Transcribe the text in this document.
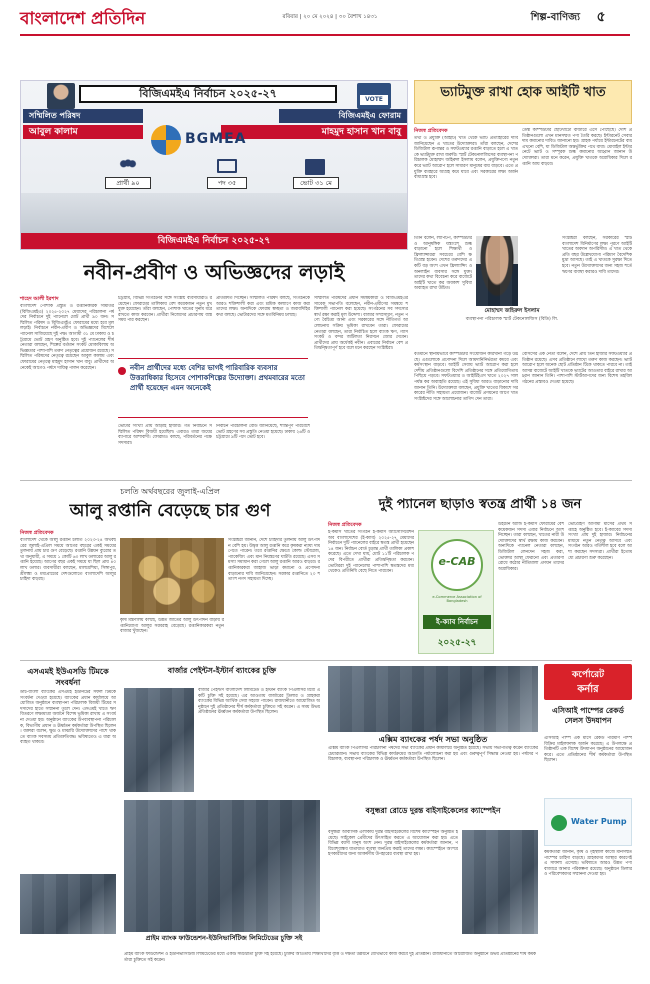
বাংলাদেশ প্রতিদিন	রবিবার | ২০ মে ২০২৪ | ৩০ বৈশাখ ১৪৩১	শিল্প-বাণিজ্য	৫
বিজিএমইএ নির্বাচন ২০২৫-২৭	VOTE
সম্মিলিত পরিষদ
আবুল কালাম
বিজিএমইএ ফোরাম
মাহমুদ হাসান খান বাবু
BGMEA
প্রার্থী ৯০	পদ ৩৫	ভোট ৩১ মে
বিজিএমইএ নির্বাচন ২০২৫-২৭
নবীন-প্রবীণ ও অভিজ্ঞদের লড়াই
শাহেদ আলী ইরশাদ
বাংলাদেশ পোশাক প্রস্তুত ও রপ্তানিকারক সমিতির (বিজিএমইএ) ২০২৫-২০২৭ মেয়াদের পরিচালনা পর্ষদের নির্বাচনে দুই প্যানেলে মোট প্রার্থী ৯০ জন। সম্মিলিত পরিষদ ও বিজিএমইএ ফোরামের মধ্যে হবে মূল লড়াই। নির্বাচনে নবীন-প্রবীণ ও অভিজ্ঞদের মিশেলে প্যানেল সাজিয়েছে দুই পক্ষ। আগামী ৩১ মে ঢাকায় ও চট্টগ্রামে ভোট গ্রহণ অনুষ্ঠিত হবে। দুই প্যানেলের শীর্ষ নেতারা বলছেন, শিল্পের বর্তমান সংকট মোকাবিলায় অভিজ্ঞতার পাশাপাশি তরুণ নেতৃত্বের প্রয়োজন রয়েছে। সম্মিলিত পরিষদের নেতৃত্বে রয়েছেন আবুল কালাম এবং ফোরামের নেতৃত্বে মাহমুদ হাসান খান বাবু। প্রার্থীদের অনেকেই আগেও পর্ষদে দায়িত্ব পালন করেছেন।
চট্টগ্রাম, বিভিন্ন সংগঠনের সঙ্গে সংশ্লিষ্ট ব্যবসায়ীরাও রয়েছেন। ফোরামের তালিকায় বেশ কয়েকজন নতুন মুখ যুক্ত হয়েছেন। তাঁরা বলছেন, পোশাক খাতের সুনাম ধরে রাখতে কাজ করবেন। প্রার্থীরা নিজেদের প্রচারণায় ব্যস্ত সময় পার করছেন।
প্রতিশ্রুতি দিচ্ছেন। সম্মিলিত পরিষদ বলছে, সংগঠনকে আরও শক্তিশালী করা এবং শ্রমিক কল্যাণে কাজ করা তাদের লক্ষ্য। অন্যদিকে ফোরাম স্বচ্ছতা ও জবাবদিহির কথা বলছে। ভোটারদের সঙ্গে মতবিনিময় চলছে।
সম্মিলিত পরিষদের প্রধান সমন্বয়কারী ও বিজিএমইএর সাবেক সভাপতি বলেছেন, নবীন-প্রবীণের সমন্বয়ে শক্তিশালী প্যানেল করা হয়েছে। সংগঠনের সব সদস্যের স্বার্থ রক্ষা করাই মূল উদ্দেশ্য। বাজার সম্প্রসারণ, নতুন পণ্যে বৈচিত্র্য আনা এবং সরকারের সঙ্গে নীতিগত আলোচনায় সক্রিয় ভূমিকা রাখবেন তারা। ফোরামের নেতারা বলছেন, তারা নির্বাচিত হলে ব্যাংক ঋণ, গ্যাস সংকট ও বন্দর জটিলতা নিরসনে জোর দেবেন। প্রার্থীদের প্রায় অর্ধেকই নবীন। এবারের নির্বাচন বেশ প্রতিদ্বন্দ্বিতাপূর্ণ হবে বলে মনে করছেন সংশ্লিষ্টরা।
নবীন প্রার্থীদের মধ্যে বেশির ভাগই পারিবারিক ব্যবসার উত্তরাধিকার হিসেবে পোশাকশিল্পের উদ্যোক্তা। প্রথমবারের মতো প্রার্থী হয়েছেন এমন অনেকেই
ভোটার সংখ্যা প্রায় আড়াই হাজার। গত নির্বাচনে সম্মিলিত পরিষদ বিজয়ী হয়েছিল। এবারও তারা জয়ের ব্যাপারে আশাবাদী। ফোরামও বলছে, পরিবর্তনের পক্ষে সদস্যরা।
নির্বাচন পরিচালনা বোর্ড জানিয়েছে, শান্তিপূর্ণ পরিবেশে ভোট গ্রহণের সব প্রস্তুতি নেওয়া হয়েছে। ঢাকায় ২৬টি ও চট্টগ্রামে ৯টি পদে ভোট হবে।
ভ্যাটমুক্ত রাখা হোক আইটি খাত
নিজস্ব প্রতিবেদক
তথ্য ও প্রযুক্তি (আইটি) খাত থেকে ভ্যাট প্রত্যাহারের দাবি জানিয়েছেন এ খাতের উদ্যোক্তারা। তাঁরা বলছেন, দেশের ডিজিটাল রূপান্তর ও সফটওয়্যার রপ্তানি বাড়াতে হলে এ খাতকে ভ্যাটমুক্ত রাখা জরুরি। স্মার্ট টেকনোলজিসের ব্যবস্থাপনা পরিচালক মোহাম্মদ জহিরুল ইসলাম বলেন, প্রযুক্তিপণ্যে নতুন করে ভ্যাট আরোপ হলে সাধারণ মানুষের ব্যয় বাড়বে। এতে প্রযুক্তি ব্যবহারে আগ্রহ কমে যাবে এবং সরকারের লক্ষ্য অর্জন বাধাগ্রস্ত হবে।
তিনি বলেন, ল্যাপটপ, কম্পিউটার ও আনুষঙ্গিক যন্ত্রাংশে শুল্ক বাড়ানো হলে শিক্ষার্থী ও ফ্রিল্যান্সাররা সবচেয়ে বেশি ক্ষতিগ্রস্ত হবেন। দেশের তরুণদের একটি বড় অংশ এখন ফ্রিল্যান্সিং ও অনলাইন ব্যবসার সঙ্গে যুক্ত। তাদের কথা বিবেচনা করে বাজেটে আইটি খাতে কর অবকাশ সুবিধা অব্যাহত রাখা উচিত।
মোহাম্মদ জহিরুল ইসলাম
ব্যবস্থাপনা পরিচালক স্মার্ট টেকনোলজিস (বিডি) লি.
বর্তমানে স্থানীয়ভাবে কম্পিউটার সংযোজন কারখানা গড়ে উঠছে। এগুলোকে প্রণোদনা দিলে আমদানিনির্ভরতা কমবে এবং কর্মসংস্থান বাড়বে। আইটি সেবায় ভ্যাট আরোপ করা হলে দেশীয় প্রতিষ্ঠানগুলো বিদেশি প্রতিষ্ঠানের সঙ্গে প্রতিযোগিতায় পিছিয়ে পড়বে। সফটওয়্যার ও আইটিইএস খাতে ২০২৭ সাল পর্যন্ত কর অব্যাহতি রয়েছে। এই সুবিধা আরও বাড়ানোর দাবি জানান তিনি। উদ্যোক্তারা বলছেন, প্রযুক্তি খাতের বিকাশে সরকারের নীতি সহায়তা প্রয়োজন। বাজেট প্রণয়নের আগে খাতসংশ্লিষ্টদের সঙ্গে আলোচনার তাগিদ দেন তারা।
ডেস্ক কম্পিউটার ছোটখাটো বাজারে এসে পৌঁছেছে। দেশি প্রতিষ্ঠানগুলো এখন মানসম্মত পণ্য তৈরি করছে। ইন্টারনেট সেবার দাম কমানোর দাবিও জানানো হয়। গ্রাহক পর্যায়ে ইন্টারনেটের ব্যয় এখনো বেশি, যা ডিজিটাল অন্তর্ভুক্তির পথে বাধা। মোবাইল ইন্টারনেটে ভ্যাট ও সম্পূরক শুল্ক কমানোর আহ্বান জানান উদ্যোক্তারা। তারা মনে করেন, প্রযুক্তি খাতকে অগ্রাধিকার দিলে রপ্তানি আয় বাড়বে।
সংশ্লিষ্টরা বলছেন, সরকারের স্মার্ট বাংলাদেশ বিনির্মাণের লক্ষ্য পূরণে আইটি খাতের অবদান অপরিসীম। এ খাত থেকে প্রতি বছর উল্লেখযোগ্য পরিমাণ বৈদেশিক মুদ্রা আসছে। তাই এ খাতকে সুরক্ষা দিতে হবে। নতুন উদ্যোক্তাদের জন্য সহজ শর্তে ঋণের ব্যবস্থা করারও দাবি তাদের।
বেসিসের এক নেতা বলেন, দেশে প্রায় তিন হাজার সফটওয়্যার প্রতিষ্ঠান রয়েছে। এসব প্রতিষ্ঠানে লাখো তরুণ কাজ করছেন। ভ্যাট আরোপ হলে অনেক ছোট প্রতিষ্ঠান টিকে থাকতে পারবে না। তাই আসন্ন বাজেটে আইটি খাতকে ভ্যাটের আওতার বাইরে রাখার আহ্বান জানান তিনি। পাশাপাশি স্টার্টআপদের জন্য বিশেষ তহবিল গঠনের প্রস্তাবও দেওয়া হয়েছে।
চলতি অর্থবছরের জুলাই-এপ্রিল
আলু রপ্তানি বেড়েছে চার গুণ
নিজস্ব প্রতিবেদক
বাংলাদেশ থেকে আলু রপ্তানি চলতি ২০২৩-২৪ অর্থবছরের জুলাই-এপ্রিল সময়ে আগের বছরের একই সময়ের তুলনায় প্রায় চার গুণ বেড়েছে। রপ্তানি উন্নয়ন ব্যুরোর তথ্য অনুযায়ী, এ সময়ে ১ কোটি ৬০ লাখ ডলারের আলু রপ্তানি হয়েছে। আগের বছর একই সময়ে যা ছিল প্রায় ৪০ লাখ ডলার। ব্যবসায়ীরা বলছেন, মালয়েশিয়া, সিঙ্গাপুর, শ্রীলঙ্কা ও মধ্যপ্রাচ্যের দেশগুলোতে বাংলাদেশি আলুর চাহিদা বাড়ছে।
কৃষি মন্ত্রণালয় বলছে, উন্নত জাতের আলু উৎপাদন বাড়ায় রপ্তানিযোগ্য আলুর সরবরাহ বেড়েছে। রপ্তানিকারকরা নতুন বাজার খুঁজছেন।
সংশ্লিষ্টরা জানান, দেশে চাহিদার তুলনায় আলু উৎপাদন বেশি হয়। উদ্বৃত্ত আলু রপ্তানি করে কৃষকরা ন্যায্য দাম পেতে পারেন। তবে রপ্তানির ক্ষেত্রে কোল্ড স্টোরেজ, প্যাকেজিং এবং মান নিয়ন্ত্রণের ঘাটতি রয়েছে। এসব সমস্যা সমাধান করা গেলে আলু রপ্তানি আরও বাড়বে। রপ্তানিকারকরা জাহাজ ভাড়া কমানো ও প্রণোদনা বাড়ানোর দাবি জানিয়েছেন। সরকার রপ্তানিতে ২০ শতাংশ নগদ সহায়তা দিচ্ছে।
দুই প্যানেল ছাড়াও স্বতন্ত্র প্রার্থী ১৪ জন
নিজস্ব প্রতিবেদক
ই-কমার্স খাতের সংগঠন ই-কমার্স অ্যাসোসিয়েশন অব বাংলাদেশের (ই-ক্যাব) ২০২৫-২৭ মেয়াদের নির্বাচনে দুটি প্যানেলের বাইরে স্বতন্ত্র প্রার্থী হয়েছেন ১৪ জন। নির্বাচন বোর্ড চূড়ান্ত প্রার্থী তালিকা প্রকাশ করেছে। এতে দেখা যায়, মোট ১১টি পরিচালক পদের বিপরীতে প্রার্থীরা প্রতিদ্বন্দ্বিতা করবেন। ভোটাররা দুই প্যানেলের পাশাপাশি স্বতন্ত্রদের মধ্য থেকেও প্রতিনিধি বেছে নিতে পারবেন।
e-CAB
e-Commerce Association of Bangladesh
ই-ক্যাব নির্বাচন
২০২৫-২৭
উইমেন অ্যান্ড ই-কমার্স ফোরামের বেশ কয়েকজন সদস্য এবার নির্বাচনে অংশ নিচ্ছেন। তারা বলছেন, খাতের নারী উদ্যোক্তাদের স্বার্থ রক্ষায় কাজ করবেন। অন্যদিকে প্যানেল নেতারা বলছেন, ডিজিটাল লেনদেন সহজ করা, ভোক্তার আস্থা ফেরানো এবং প্রতারণা রোধে কঠোর নীতিমালা প্রণয়ন তাদের অগ্রাধিকার।
ভোটগ্রহণ আগামী মাসের প্রথম সপ্তাহে অনুষ্ঠিত হবে। ই-ক্যাবের সদস্য সংখ্যা প্রায় দুই হাজার। নির্বাচনের মাধ্যমে নতুন নেতৃত্ব আসবে এবং সংগঠন আরও গতিশীল হবে বলে আশা করছেন সদস্যরা। প্রার্থীরা ইতোমধ্যে প্রচারণা শুরু করেছেন।
এসএমই ইউএসডি টিমকে সংবর্ধনা
ডাচ-বাংলা ব্যাংকের এসএমই ইউনিটের সফল টিমকে সংবর্ধনা দেওয়া হয়েছে। ব্যাংকের প্রধান কার্যালয়ে আয়োজিত অনুষ্ঠানে ব্যবস্থাপনা পরিচালক বিজয়ী টিমের সদস্যদের হাতে সম্মাননা তুলে দেন। এসএমই খাতে ঋণ বিতরণে লক্ষ্যমাত্রা অর্জনে বিশেষ ভূমিকা রাখায় এ সংবর্ধনা দেওয়া হয়। অনুষ্ঠানে ব্যাংকের উপব্যবস্থাপনা পরিচালক, বিভাগীয় প্রধান ও ঊর্ধ্বতন কর্মকর্তারা উপস্থিত ছিলেন। বক্তারা বলেন, ক্ষুদ্র ও মাঝারি উদ্যোক্তাদের পাশে থাকতে ব্যাংক সবসময় প্রতিশ্রুতিবদ্ধ। ভবিষ্যতেও এ ধারা অব্যাহত থাকবে।
বার্জার পেইন্টস-ইস্টার্ন ব্যাংকের চুক্তি
বার্জার পেইন্টস বাংলাদেশ লিমিটেড ও ইস্টার্ন ব্যাংক পিএলসির মধ্যে একটি চুক্তি সই হয়েছে। এর আওতায় বার্জারের ডিলার ও গ্রাহকরা ব্যাংকের বিভিন্ন আর্থিক সেবা সহজে পাবেন। রাজধানীতে আয়োজিত অনুষ্ঠানে দুই প্রতিষ্ঠানের শীর্ষ কর্মকর্তারা চুক্তিতে সই করেন। এ সময় উভয় প্রতিষ্ঠানের ঊর্ধ্বতন কর্মকর্তারা উপস্থিত ছিলেন।
এক্সিম ব্যাংকের পর্ষদ সভা অনুষ্ঠিত
এক্সিম ব্যাংক পিএলসির পরিচালনা পর্ষদের সভা ব্যাংকের প্রধান কার্যালয়ে অনুষ্ঠিত হয়েছে। সভায় সভাপতিত্ব করেন ব্যাংকের চেয়ারম্যান। সভায় ব্যাংকের বিভিন্ন কার্যক্রমের অগ্রগতি পর্যালোচনা করা হয় এবং গুরুত্বপূর্ণ সিদ্ধান্ত নেওয়া হয়। পর্ষদের পরিচালক, ব্যবস্থাপনা পরিচালক ও ঊর্ধ্বতন কর্মকর্তারা উপস্থিত ছিলেন।
বসুন্ধরা রোডে দুরন্ত বাইসাইকেলের ক্যাম্পেইন
বসুন্ধরা আবাসিক এলাকায় দুরন্ত বাইসাইকেলের বিশেষ ক্যাম্পেইন অনুষ্ঠিত হয়েছে। সাইকেল প্রেমীদের উৎসাহিত করতে এ আয়োজন করা হয়। এতে বিভিন্ন বয়সী মানুষ অংশ নেন। দুরন্ত বাইসাইকেলের কর্মকর্তারা জানান, পরিবেশবান্ধব যাতায়াত ব্যবস্থা জনপ্রিয় করাই তাদের লক্ষ্য। ক্যাম্পেইনে অংশগ্রহণকারীদের জন্য আকর্ষণীয় উপহারের ব্যবস্থা রাখা হয়।
প্রাইম ব্যাংক ফাউন্ডেশন-ইউনিভার্সিটিজ লিমিটেডের চুক্তি সই
প্রাইম ব্যাংক ফাউন্ডেশন ও ইউনিভার্সিটিজ লিমিটেডের মধ্যে একটি সমঝোতা চুক্তি সই হয়েছে। চুক্তির আওতায় শিক্ষার্থীদের বৃত্তি ও দক্ষতা উন্নয়নে যৌথভাবে কাজ করবে দুই প্রতিষ্ঠান। রাজধানীতে আয়োজিত অনুষ্ঠানে উভয় প্রতিষ্ঠানের শীর্ষ কর্মকর্তারা চুক্তিতে সই করেন।
কর্পোরেট
কর্নার
এসিআই পাম্পের রেকর্ড সেলস উদযাপন
এসিআই পাম্প এক মাসে রেকর্ড পরিমাণ পাম্প বিক্রির মাইলফলক অর্জন করেছে। এ উপলক্ষে প্রতিষ্ঠানটি এক বিশেষ উদযাপন অনুষ্ঠানের আয়োজন করে। এতে প্রতিষ্ঠানের শীর্ষ কর্মকর্তারা উপস্থিত ছিলেন।
Water Pump
কর্মকর্তারা জানান, কৃষি ও গৃহস্থালি কাজে মানসম্মত পাম্পের চাহিদা বাড়ছে। গ্রাহকদের আস্থার কারণেই এ সাফল্য এসেছে। ভবিষ্যতে আরও উন্নত পণ্য বাজারে আনার পরিকল্পনা রয়েছে। অনুষ্ঠানে ডিলার ও পরিবেশকদের সম্মাননা দেওয়া হয়।
